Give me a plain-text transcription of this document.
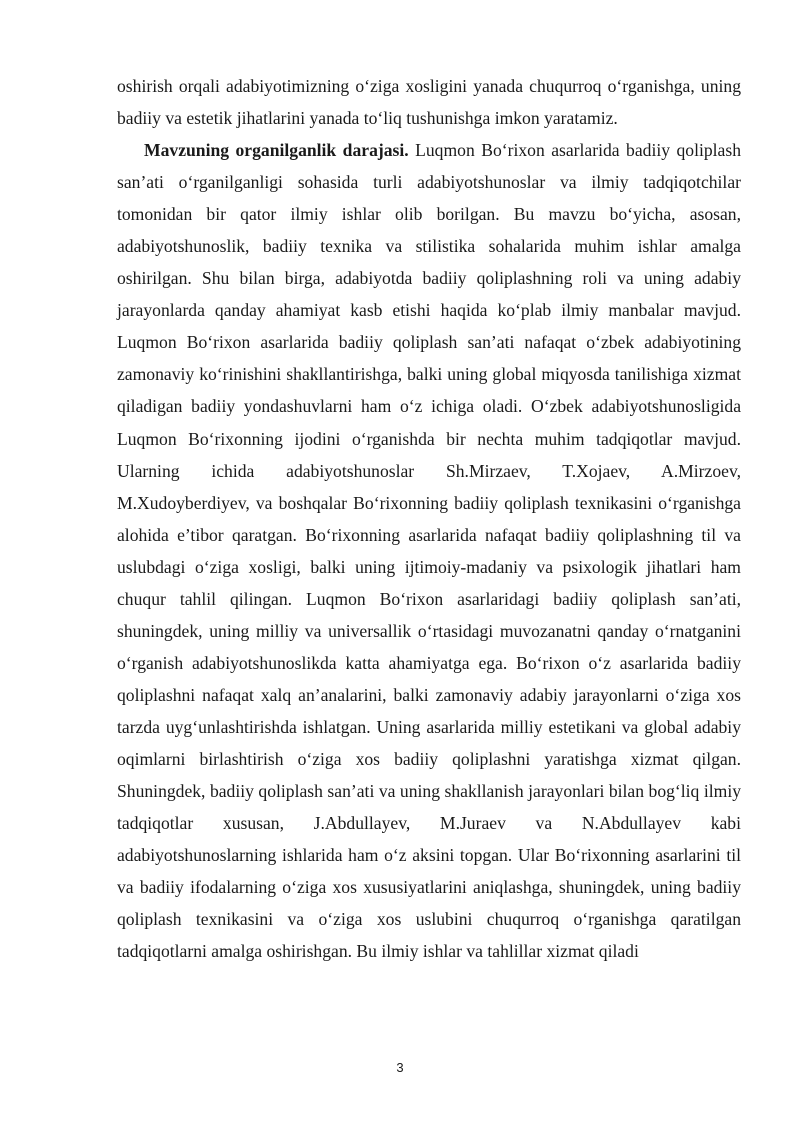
oshirish orqali adabiyotimizning o‘ziga xosligini yanada chuqurroq o‘rganishga, uning badiiy va estetik jihatlarini yanada to‘liq tushunishga imkon yaratamiz.

Mavzuning organilganlik darajasi. Luqmon Bo‘rixon asarlarida badiiy qoliplash san’ati o‘rganilganligi sohasida turli adabiyotshunoslar va ilmiy tadqiqotchilar tomonidan bir qator ilmiy ishlar olib borilgan. Bu mavzu bo‘yicha, asosan, adabiyotshunoslik, badiiy texnika va stilistika sohalarida muhim ishlar amalga oshirilgan. Shu bilan birga, adabiyotda badiiy qoliplashning roli va uning adabiy jarayonlarda qanday ahamiyat kasb etishi haqida ko‘plab ilmiy manbalar mavjud. Luqmon Bo‘rixon asarlarida badiiy qoliplash san’ati nafaqat o‘zbek adabiyotining zamonaviy ko‘rinishini shakllantirishga, balki uning global miqyosda tanilishiga xizmat qiladigan badiiy yondashuvlarni ham o‘z ichiga oladi. O‘zbek adabiyotshunosligida Luqmon Bo‘rixonning ijodini o‘rganishda bir nechta muhim tadqiqotlar mavjud. Ularning ichida adabiyotshunoslar Sh.Mirzaev, T.Xojaev, A.Mirzoev, M.Xudoyberdiyev, va boshqalar Bo‘rixonning badiiy qoliplash texnikasini o‘rganishga alohida e’tibor qaratgan. Bo‘rixonning asarlarida nafaqat badiiy qoliplashning til va uslubdagi o‘ziga xosligi, balki uning ijtimoiy-madaniy va psixologik jihatlari ham chuqur tahlil qilingan. Luqmon Bo‘rixon asarlaridagi badiiy qoliplash san’ati, shuningdek, uning milliy va universallik o‘rtasidagi muvozanatni qanday o‘rnatganini o‘rganish adabiyotshunoslikda katta ahamiyatga ega. Bo‘rixon o‘z asarlarida badiiy qoliplashni nafaqat xalq an’analarini, balki zamonaviy adabiy jarayonlarni o‘ziga xos tarzda uyg‘unlashtirishda ishlatgan. Uning asarlarida milliy estetikani va global adabiy oqimlarni birlashtirish o‘ziga xos badiiy qoliplashni yaratishga xizmat qilgan. Shuningdek, badiiy qoliplash san’ati va uning shakllanish jarayonlari bilan bog‘liq ilmiy tadqiqotlar xususan, J.Abdullayev, M.Juraev va N.Abdullayev kabi adabiyotshunoslarning ishlarida ham o‘z aksini topgan. Ular Bo‘rixonning asarlarini til va badiiy ifodalarning o‘ziga xos xususiyatlarini aniqlashga, shuningdek, uning badiiy qoliplash texnikasini va o‘ziga xos uslubini chuqurroq o‘rganishga qaratilgan tadqiqotlarni amalga oshirishgan. Bu ilmiy ishlar va tahlillar xizmat qiladi

3
